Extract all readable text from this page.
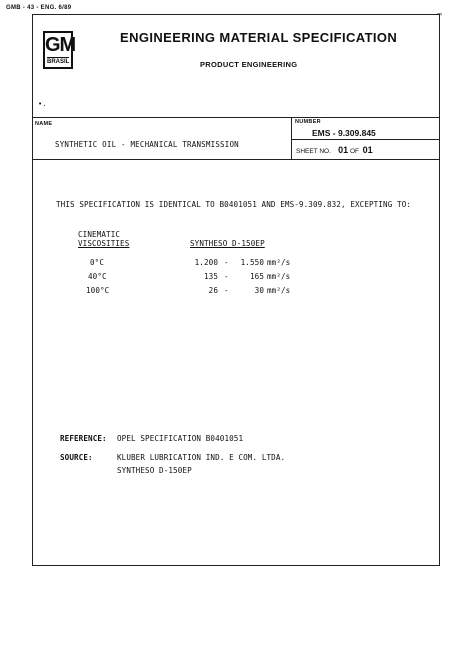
GMB - 43 - ENG. 6/89
¬
GM
BRASIL
ENGINEERING MATERIAL SPECIFICATION
PRODUCT ENGINEERING
•.
NAME
SYNTHETIC OIL - MECHANICAL TRANSMISSION
NUMBER
EMS - 9.309.845
SHEET NO. 01 OF 01
THIS SPECIFICATION IS IDENTICAL TO B0401051 AND EMS-9.309.832, EXCEPTING TO:
CINEMATIC
VISCOSITIES	SYNTHESO D-150EP
0°C	1.200 -	1.550 mm²/s
40°C	135 -	165 mm²/s
100°C	26 -	30 mm²/s
REFERENCE: OPEL SPECIFICATION B0401051
SOURCE:	KLUBER LUBRICATION IND. E COM. LTDA.
SYNTHESO D-150EP
